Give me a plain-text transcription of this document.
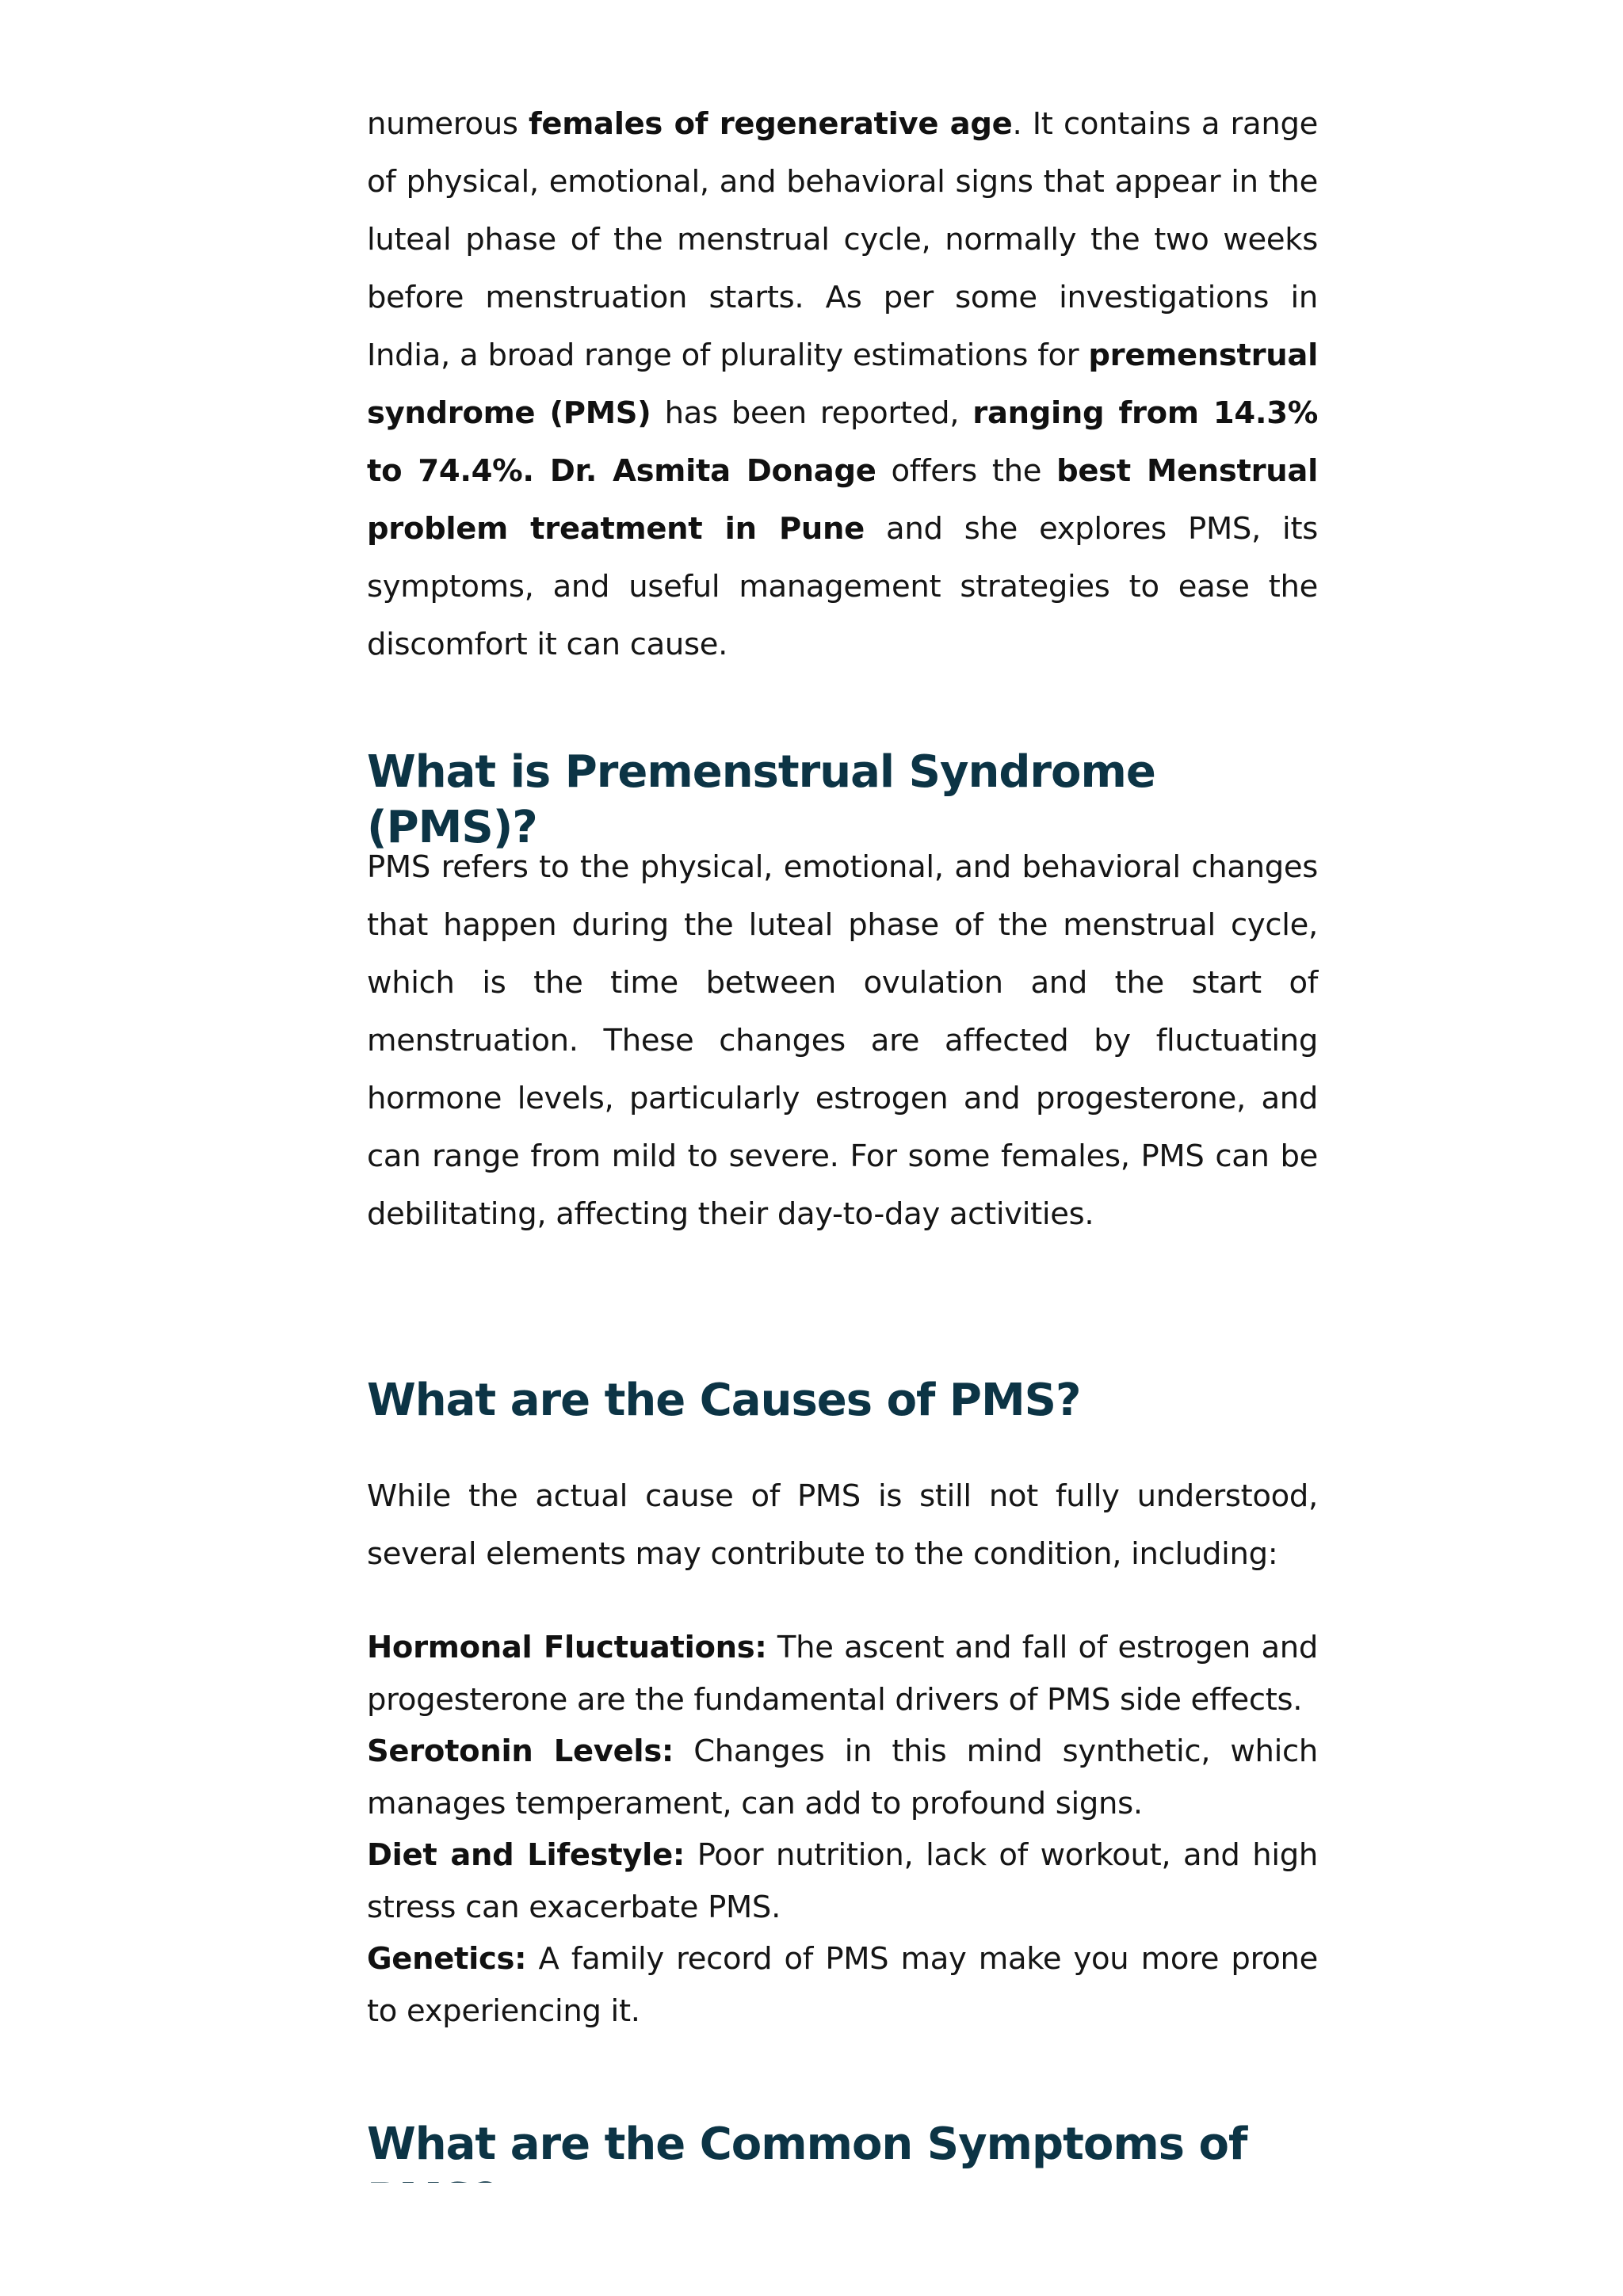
numerous females of regenerative age. It contains a range of physical, emotional, and behavioral signs that appear in the luteal phase of the menstrual cycle, normally the two weeks before menstruation starts. As per some investigations in India, a broad range of plurality estimations for premenstrual syndrome (PMS) has been reported, ranging from 14.3% to 74.4%. Dr. Asmita Donage offers the best Menstrual problem treatment in Pune and she explores PMS, its symptoms, and useful management strategies to ease the discomfort it can cause.

What is Premenstrual Syndrome (PMS)?

PMS refers to the physical, emotional, and behavioral changes that happen during the luteal phase of the menstrual cycle, which is the time between ovulation and the start of menstruation. These changes are affected by fluctuating hormone levels, particularly estrogen and progesterone, and can range from mild to severe. For some females, PMS can be debilitating, affecting their day-to-day activities.

What are the Causes of PMS?

While the actual cause of PMS is still not fully understood, several elements may contribute to the condition, including:

Hormonal Fluctuations: The ascent and fall of estrogen and progesterone are the fundamental drivers of PMS side effects.
Serotonin Levels: Changes in this mind synthetic, which manages temperament, can add to profound signs.
Diet and Lifestyle: Poor nutrition, lack of workout, and high stress can exacerbate PMS.
Genetics: A family record of PMS may make you more prone to experiencing it.
What are the Common Symptoms of
